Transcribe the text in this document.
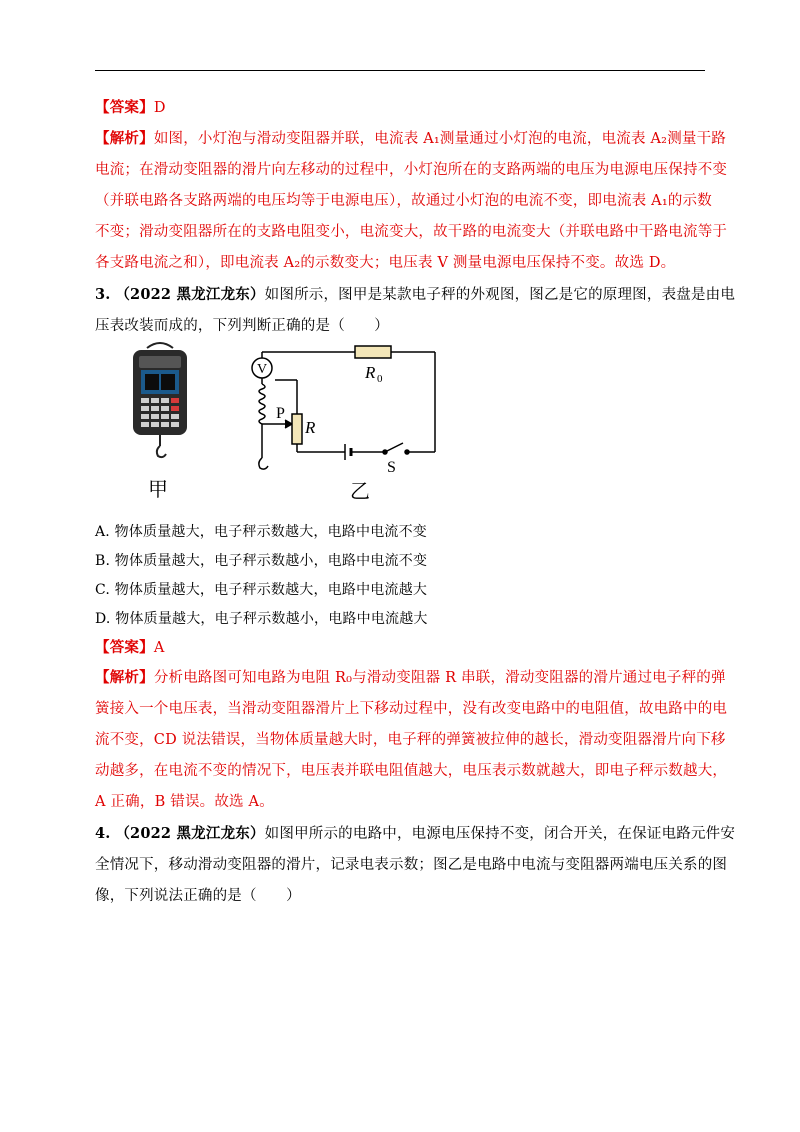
【答案】D
【解析】如图，小灯泡与滑动变阻器并联，电流表 A₁测量通过小灯泡的电流，电流表 A₂测量干路
电流；在滑动变阻器的滑片向左移动的过程中，小灯泡所在的支路两端的电压为电源电压保持不变
（并联电路各支路两端的电压均等于电源电压），故通过小灯泡的电流不变，即电流表 A₁的示数
不变；滑动变阻器所在的支路电阻变小，电流变大，故干路的电流变大（并联电路中干路电流等于
各支路电流之和），即电流表 A₂的示数变大；电压表 V 测量电源电压保持不变。故选 D。
3. （2022 黑龙江龙东）如图所示，图甲是某款电子秤的外观图，图乙是它的原理图，表盘是由电
压表改装而成的，下列判断正确的是（　　）
甲
V	R 0
P
R
S
乙
A. 物体质量越大，电子秤示数越大，电路中电流不变
B. 物体质量越大，电子秤示数越小，电路中电流不变
C. 物体质量越大，电子秤示数越大，电路中电流越大
D. 物体质量越大，电子秤示数越小，电路中电流越大
【答案】A
【解析】分析电路图可知电路为电阻 R₀与滑动变阻器 R 串联，滑动变阻器的滑片通过电子秤的弹
簧接入一个电压表，当滑动变阻器滑片上下移动过程中，没有改变电路中的电阻值，故电路中的电
流不变，CD 说法错误，当物体质量越大时，电子秤的弹簧被拉伸的越长，滑动变阻器滑片向下移
动越多，在电流不变的情况下，电压表并联电阻值越大，电压表示数就越大，即电子秤示数越大，
A 正确，B 错误。故选 A。
4. （2022 黑龙江龙东）如图甲所示的电路中，电源电压保持不变，闭合开关，在保证电路元件安
全情况下，移动滑动变阻器的滑片，记录电表示数；图乙是电路中电流与变阻器两端电压关系的图
像，下列说法正确的是（　　）
